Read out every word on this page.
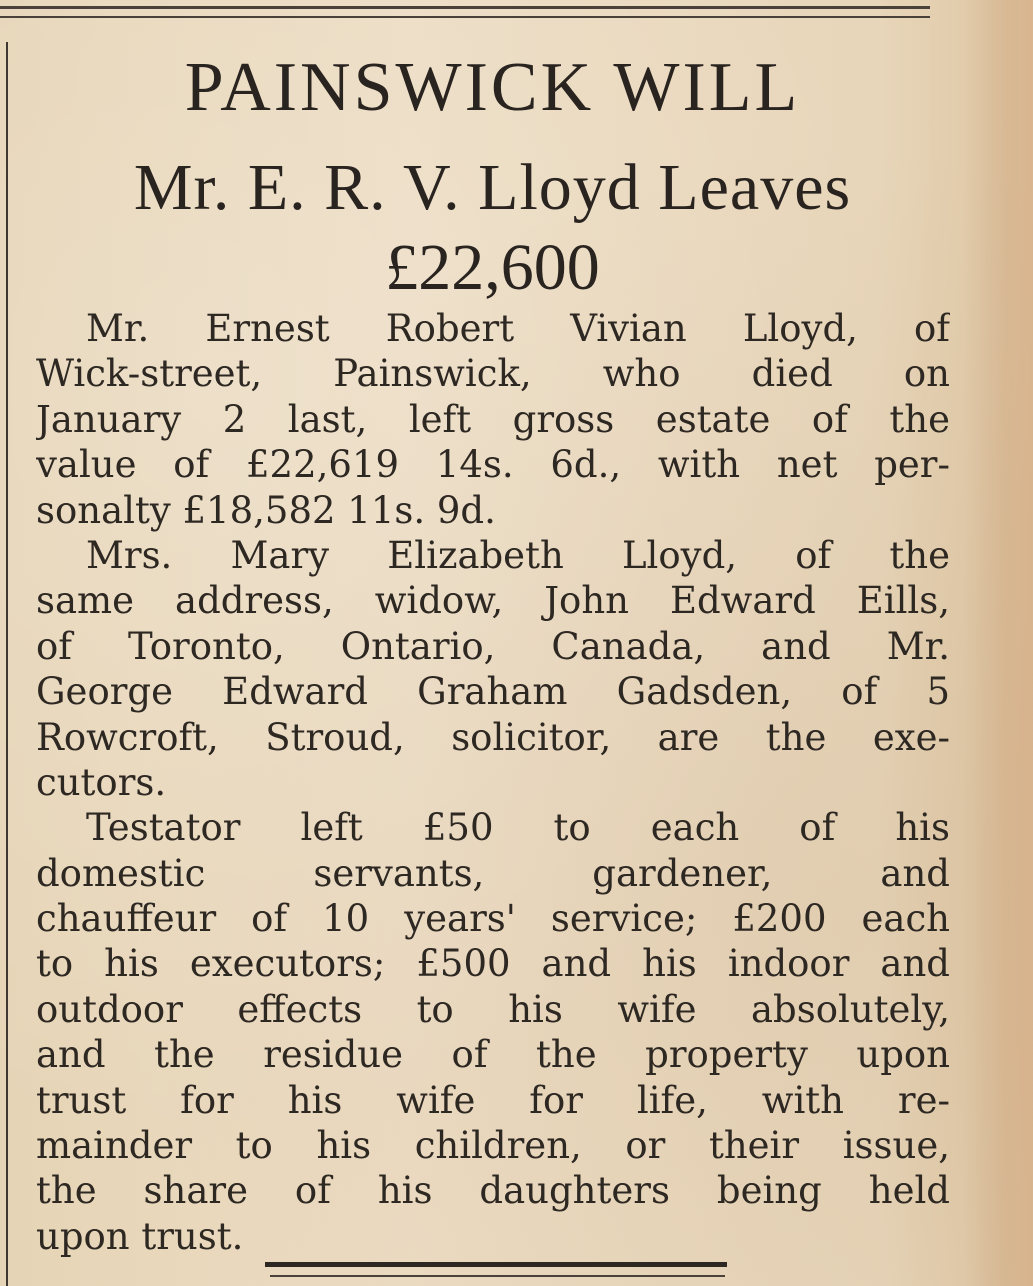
PAINSWICK WILL
Mr. E. R. V. Lloyd Leaves
£22,600
Mr. Ernest Robert Vivian Lloyd, of
Wick-street, Painswick, who died on
January 2 last, left gross estate of the
value of £22,619 14s. 6d., with net per-
sonalty £18,582 11s. 9d.
Mrs. Mary Elizabeth Lloyd, of the
same address, widow, John Edward Eills,
of Toronto, Ontario, Canada, and Mr.
George Edward Graham Gadsden, of 5
Rowcroft, Stroud, solicitor, are the exe-
cutors.
Testator left £50 to each of his
domestic servants, gardener, and
chauffeur of 10 years' service; £200 each
to his executors; £500 and his indoor and
outdoor effects to his wife absolutely,
and the residue of the property upon
trust for his wife for life, with re-
mainder to his children, or their issue,
the share of his daughters being held
upon trust.
